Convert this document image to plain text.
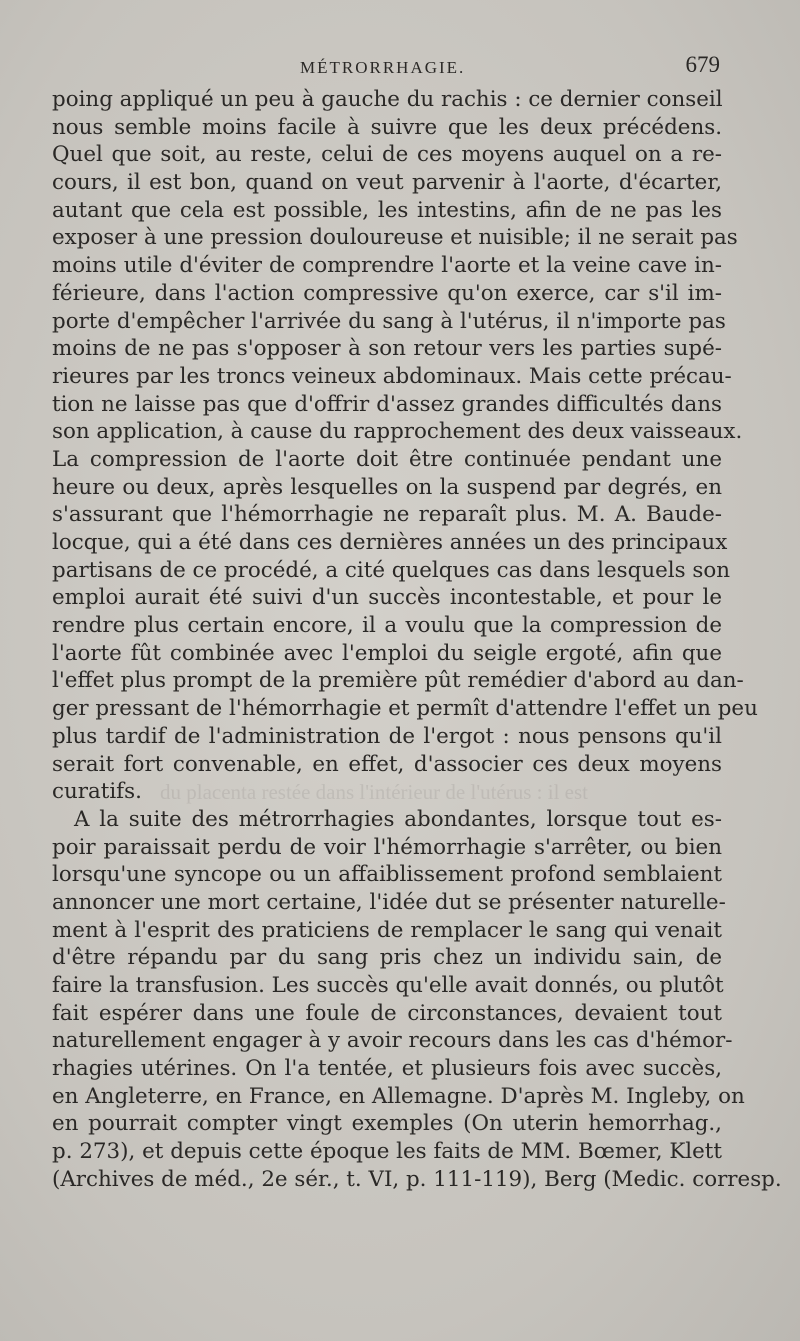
MÉTRORRHAGIE.	679
du placenta restée dans l'intérieur de l'utérus : il est
poing appliqué un peu à gauche du rachis : ce dernier conseil
nous semble moins facile à suivre que les deux précédens.
Quel que soit, au reste, celui de ces moyens auquel on a re-
cours, il est bon, quand on veut parvenir à l'aorte, d'écarter,
autant que cela est possible, les intestins, afin de ne pas les
exposer à une pression douloureuse et nuisible; il ne serait pas
moins utile d'éviter de comprendre l'aorte et la veine cave in-
férieure, dans l'action compressive qu'on exerce, car s'il im-
porte d'empêcher l'arrivée du sang à l'utérus, il n'importe pas
moins de ne pas s'opposer à son retour vers les parties supé-
rieures par les troncs veineux abdominaux. Mais cette précau-
tion ne laisse pas que d'offrir d'assez grandes difficultés dans
son application, à cause du rapprochement des deux vaisseaux.
La compression de l'aorte doit être continuée pendant une
heure ou deux, après lesquelles on la suspend par degrés, en
s'assurant que l'hémorrhagie ne reparaît plus. M. A. Baude-
locque, qui a été dans ces dernières années un des principaux
partisans de ce procédé, a cité quelques cas dans lesquels son
emploi aurait été suivi d'un succès incontestable, et pour le
rendre plus certain encore, il a voulu que la compression de
l'aorte fût combinée avec l'emploi du seigle ergoté, afin que
l'effet plus prompt de la première pût remédier d'abord au dan-
ger pressant de l'hémorrhagie et permît d'attendre l'effet un peu
plus tardif de l'administration de l'ergot : nous pensons qu'il
serait fort convenable, en effet, d'associer ces deux moyens
curatifs.
A la suite des métrorrhagies abondantes, lorsque tout es-
poir paraissait perdu de voir l'hémorrhagie s'arrêter, ou bien
lorsqu'une syncope ou un affaiblissement profond semblaient
annoncer une mort certaine, l'idée dut se présenter naturelle-
ment à l'esprit des praticiens de remplacer le sang qui venait
d'être répandu par du sang pris chez un individu sain, de
faire la transfusion. Les succès qu'elle avait donnés, ou plutôt
fait espérer dans une foule de circonstances, devaient tout
naturellement engager à y avoir recours dans les cas d'hémor-
rhagies utérines. On l'a tentée, et plusieurs fois avec succès,
en Angleterre, en France, en Allemagne. D'après M. Ingleby, on
en pourrait compter vingt exemples (On uterin hemorrhag.,
p. 273), et depuis cette époque les faits de MM. Bœmer, Klett
(Archives de méd., 2e sér., t. VI, p. 111-119), Berg (Medic. corresp.
